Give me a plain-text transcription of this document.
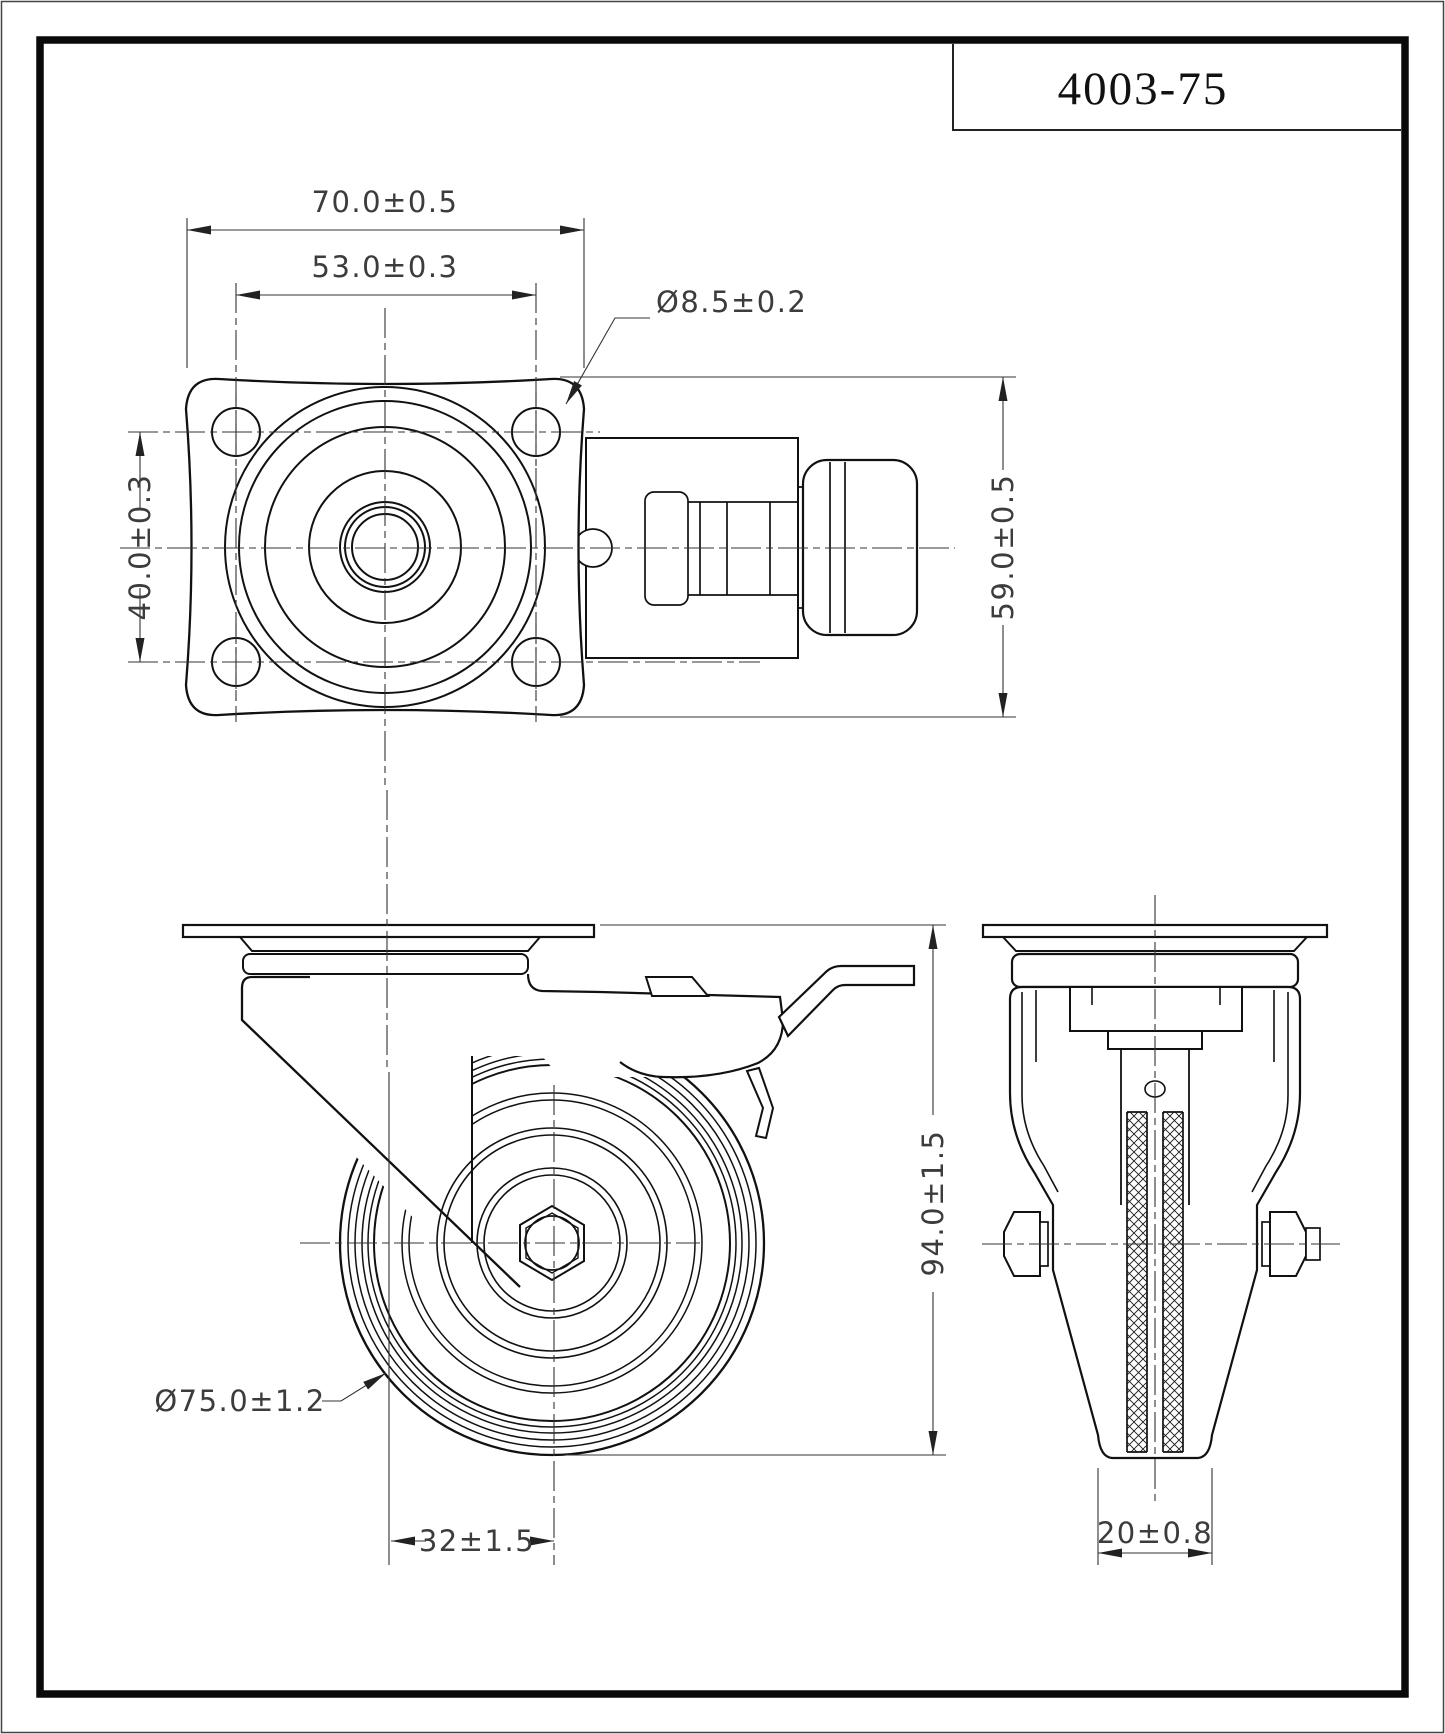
4003-75
70.0±0.5
53.0±0.3
40.0±0.3	59.0±0.5
Ø8.5±0.2
94.0±1.5
32±1.5
Ø75.0±1.2
20±0.8
